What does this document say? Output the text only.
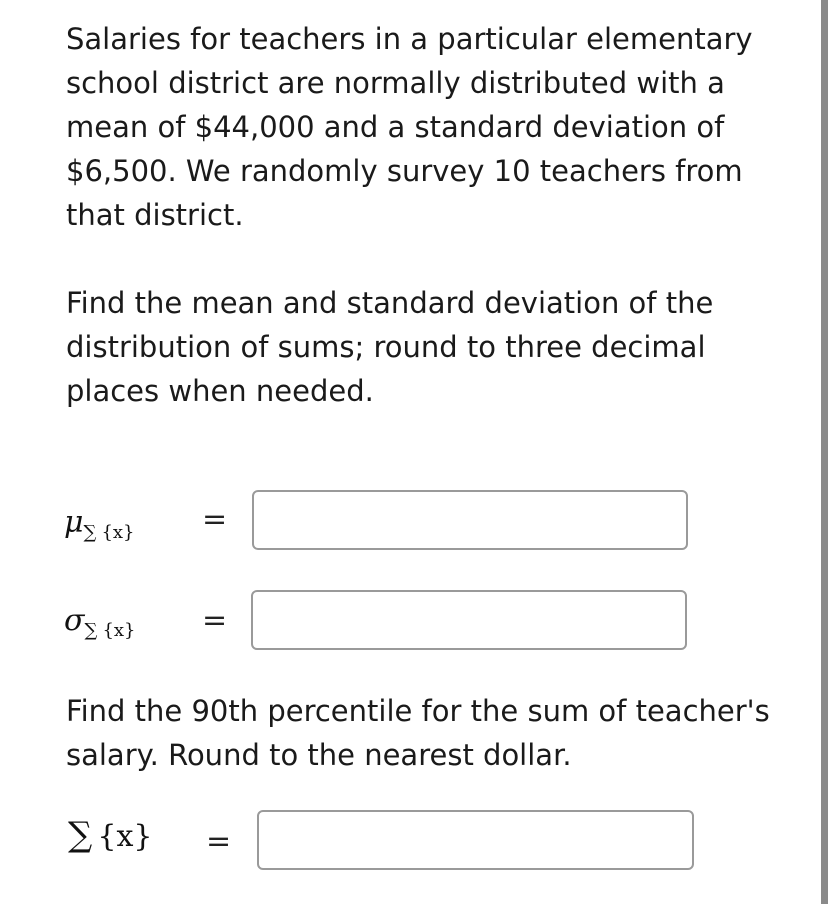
Salaries for teachers in a particular elementary school district are normally distributed with a mean of $44,000 and a standard deviation of $6,500. We randomly survey 10 teachers from that district.

Find the mean and standard deviation of the distribution of sums; round to three decimal places when needed.

μ∑ {x} =
σ∑ {x} =

Find the 90th percentile for the sum of teacher's salary. Round to the nearest dollar.

∑ {x} =
